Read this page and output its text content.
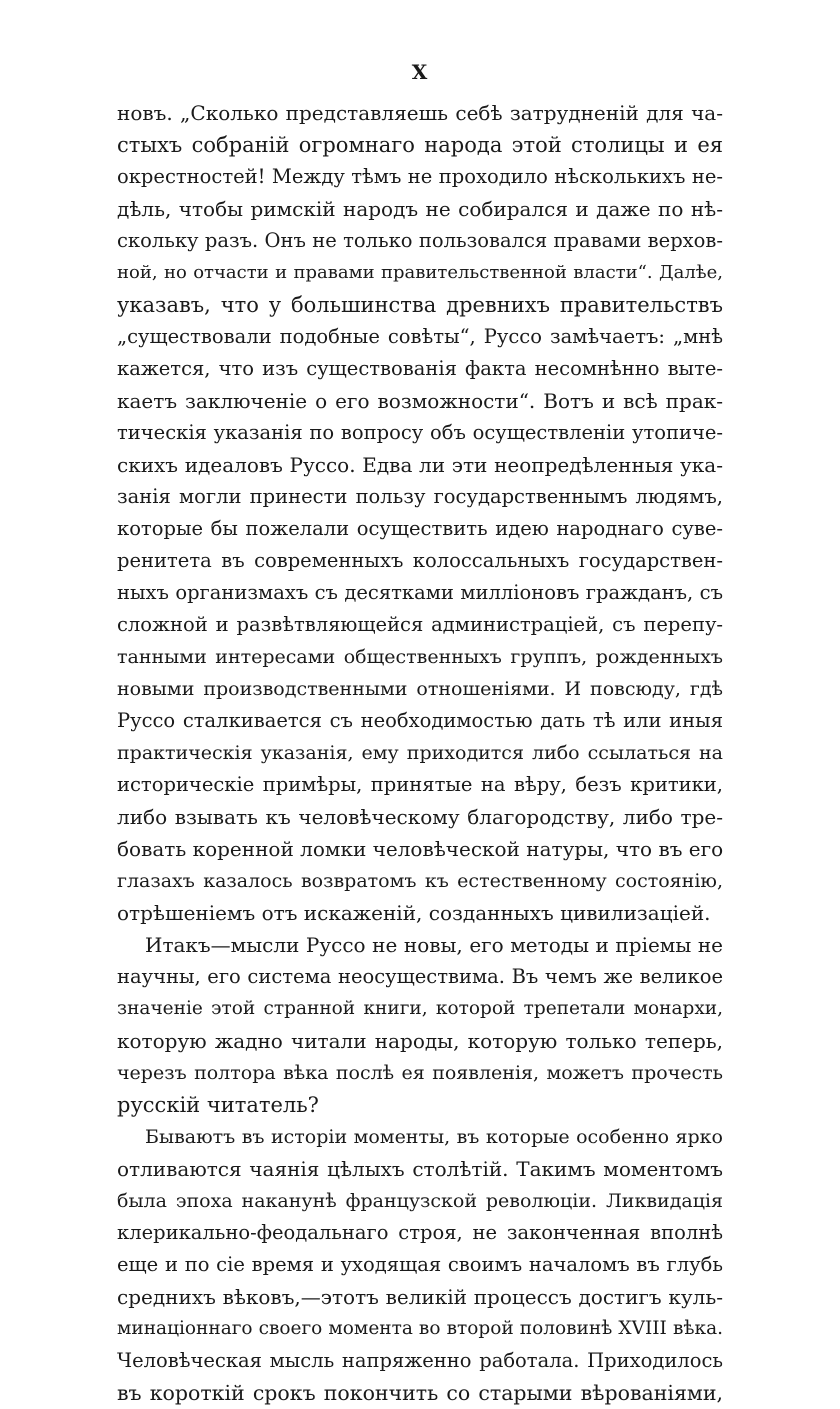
X
новъ. „Сколько представляешь себѣ затрудненій для ча-
стыхъ собраній огромнаго народа этой столицы и ея
окрестностей! Между тѣмъ не проходило нѣсколькихъ не-
дѣль, чтобы римскій народъ не собирался и даже по нѣ-
скольку разъ. Онъ не только пользовался правами верхов-
ной, но отчасти и правами правительственной власти“. Далѣе,
указавъ, что у большинства древнихъ правительствъ
„существовали подобные совѣты“, Руссо замѣчаетъ: „мнѣ
кажется, что изъ существованія факта несомнѣнно выте-
каетъ заключеніе о его возможности“. Вотъ и всѣ прак-
тическія указанія по вопросу объ осуществленіи утопиче-
скихъ идеаловъ Руссо. Едва ли эти неопредѣленныя ука-
занія могли принести пользу государственнымъ людямъ,
которые бы пожелали осуществить идею народнаго суве-
ренитета въ современныхъ колоссальныхъ государствен-
ныхъ организмахъ съ десятками милліоновъ гражданъ, съ
сложной и развѣтвляющейся администраціей, съ перепу-
танными интересами общественныхъ группъ, рожденныхъ
новыми производственными отношеніями. И повсюду, гдѣ
Руссо сталкивается съ необходимостью дать тѣ или иныя
практическія указанія, ему приходится либо ссылаться на
историческіе примѣры, принятые на вѣру, безъ критики,
либо взывать къ человѣческому благородству, либо тре-
бовать коренной ломки человѣческой натуры, что въ его
глазахъ казалось возвратомъ къ естественному состоянію,
отрѣшеніемъ отъ искаженій, созданныхъ цивилизаціей.
Итакъ—мысли Руссо не новы, его методы и пріемы не
научны, его система неосуществима. Въ чемъ же великое
значеніе этой странной книги, которой трепетали монархи,
которую жадно читали народы, которую только теперь,
черезъ полтора вѣка послѣ ея появленія, можетъ прочесть
русскій читатель?
Бываютъ въ исторіи моменты, въ которые особенно ярко
отливаются чаянія цѣлыхъ столѣтій. Такимъ моментомъ
была эпоха наканунѣ французской революціи. Ликвидація
клерикально-феодальнаго строя, не законченная вполнѣ
еще и по сіе время и уходящая своимъ началомъ въ глубь
среднихъ вѣковъ,—этотъ великій процессъ достигъ куль-
минаціоннаго своего момента во второй половинѣ XVIII вѣка.
Человѣческая мысль напряженно работала. Приходилось
въ короткій срокъ покончить со старыми вѣрованіями,
